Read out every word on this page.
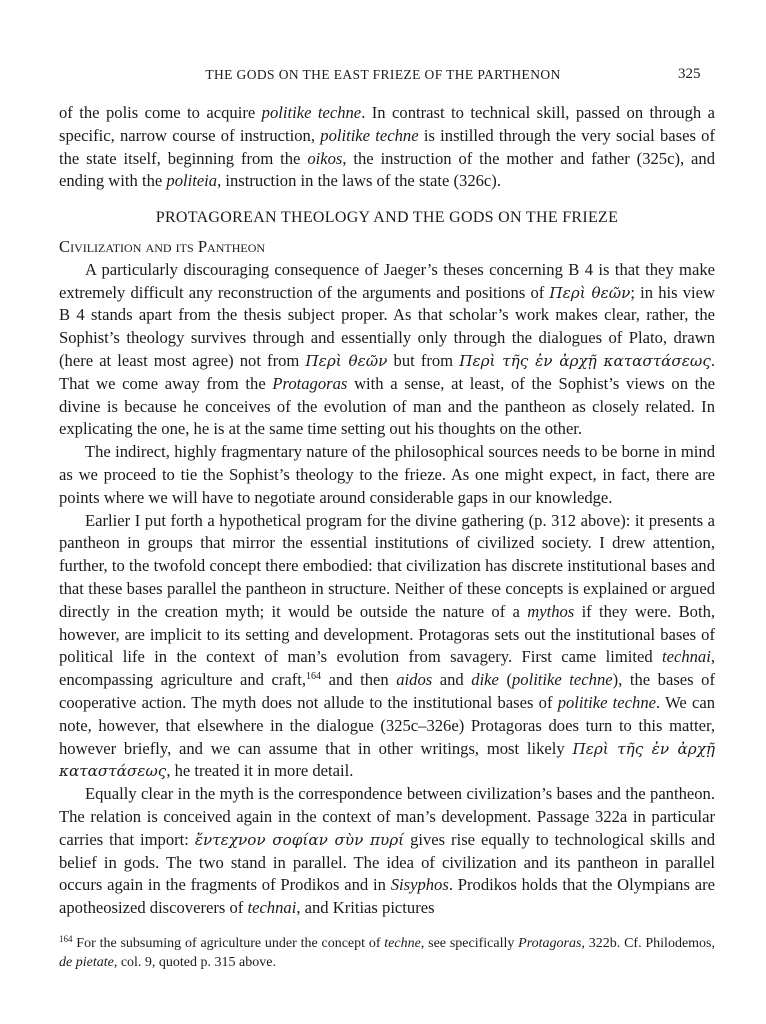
THE GODS ON THE EAST FRIEZE OF THE PARTHENON	325

of the polis come to acquire politike techne. In contrast to technical skill, passed on through a specific, narrow course of instruction, politike techne is instilled through the very social bases of the state itself, beginning from the oikos, the instruction of the mother and father (325c), and ending with the politeia, instruction in the laws of the state (326c).

PROTAGOREAN THEOLOGY AND THE GODS ON THE FRIEZE

Civilization and its Pantheon

A particularly discouraging consequence of Jaeger’s theses concerning B 4 is that they make extremely difficult any reconstruction of the arguments and positions of Περὶ θεῶν; in his view B 4 stands apart from the thesis subject proper. As that scholar’s work makes clear, rather, the Sophist’s theology survives through and essentially only through the dialogues of Plato, drawn (here at least most agree) not from Περὶ θεῶν but from Περὶ τῆς ἐν ἀρχῇ καταστάσεως. That we come away from the Protagoras with a sense, at least, of the Sophist’s views on the divine is because he conceives of the evolution of man and the pantheon as closely related. In explicating the one, he is at the same time setting out his thoughts on the other.

The indirect, highly fragmentary nature of the philosophical sources needs to be borne in mind as we proceed to tie the Sophist’s theology to the frieze. As one might expect, in fact, there are points where we will have to negotiate around considerable gaps in our knowledge.

Earlier I put forth a hypothetical program for the divine gathering (p. 312 above): it presents a pantheon in groups that mirror the essential institutions of civilized society. I drew attention, further, to the twofold concept there embodied: that civilization has discrete institutional bases and that these bases parallel the pantheon in structure. Neither of these concepts is explained or argued directly in the creation myth; it would be outside the nature of a mythos if they were. Both, however, are implicit to its setting and development. Protagoras sets out the institutional bases of political life in the context of man’s evolution from savagery. First came limited technai, encompassing agriculture and craft,$^{164}$ and then aidos and dike (politike techne), the bases of cooperative action. The myth does not allude to the institutional bases of politike techne. We can note, however, that elsewhere in the dialogue (325c–326e) Protagoras does turn to this matter, however briefly, and we can assume that in other writings, most likely Περὶ τῆς ἐν ἀρχῇ καταστάσεως, he treated it in more detail.

Equally clear in the myth is the correspondence between civilization’s bases and the pantheon. The relation is conceived again in the context of man’s development. Passage 322a in particular carries that import: ἔντεχνον σοφίαν σὺν πυρί gives rise equally to technological skills and belief in gods. The two stand in parallel. The idea of civilization and its pantheon in parallel occurs again in the fragments of Prodikos and in Sisyphos. Prodikos holds that the Olympians are apotheosized discoverers of technai, and Kritias pictures

$^{164}$ For the subsuming of agriculture under the concept of techne, see specifically Protagoras, 322b. Cf. Philodemos, de pietate, col. 9, quoted p. 315 above.
